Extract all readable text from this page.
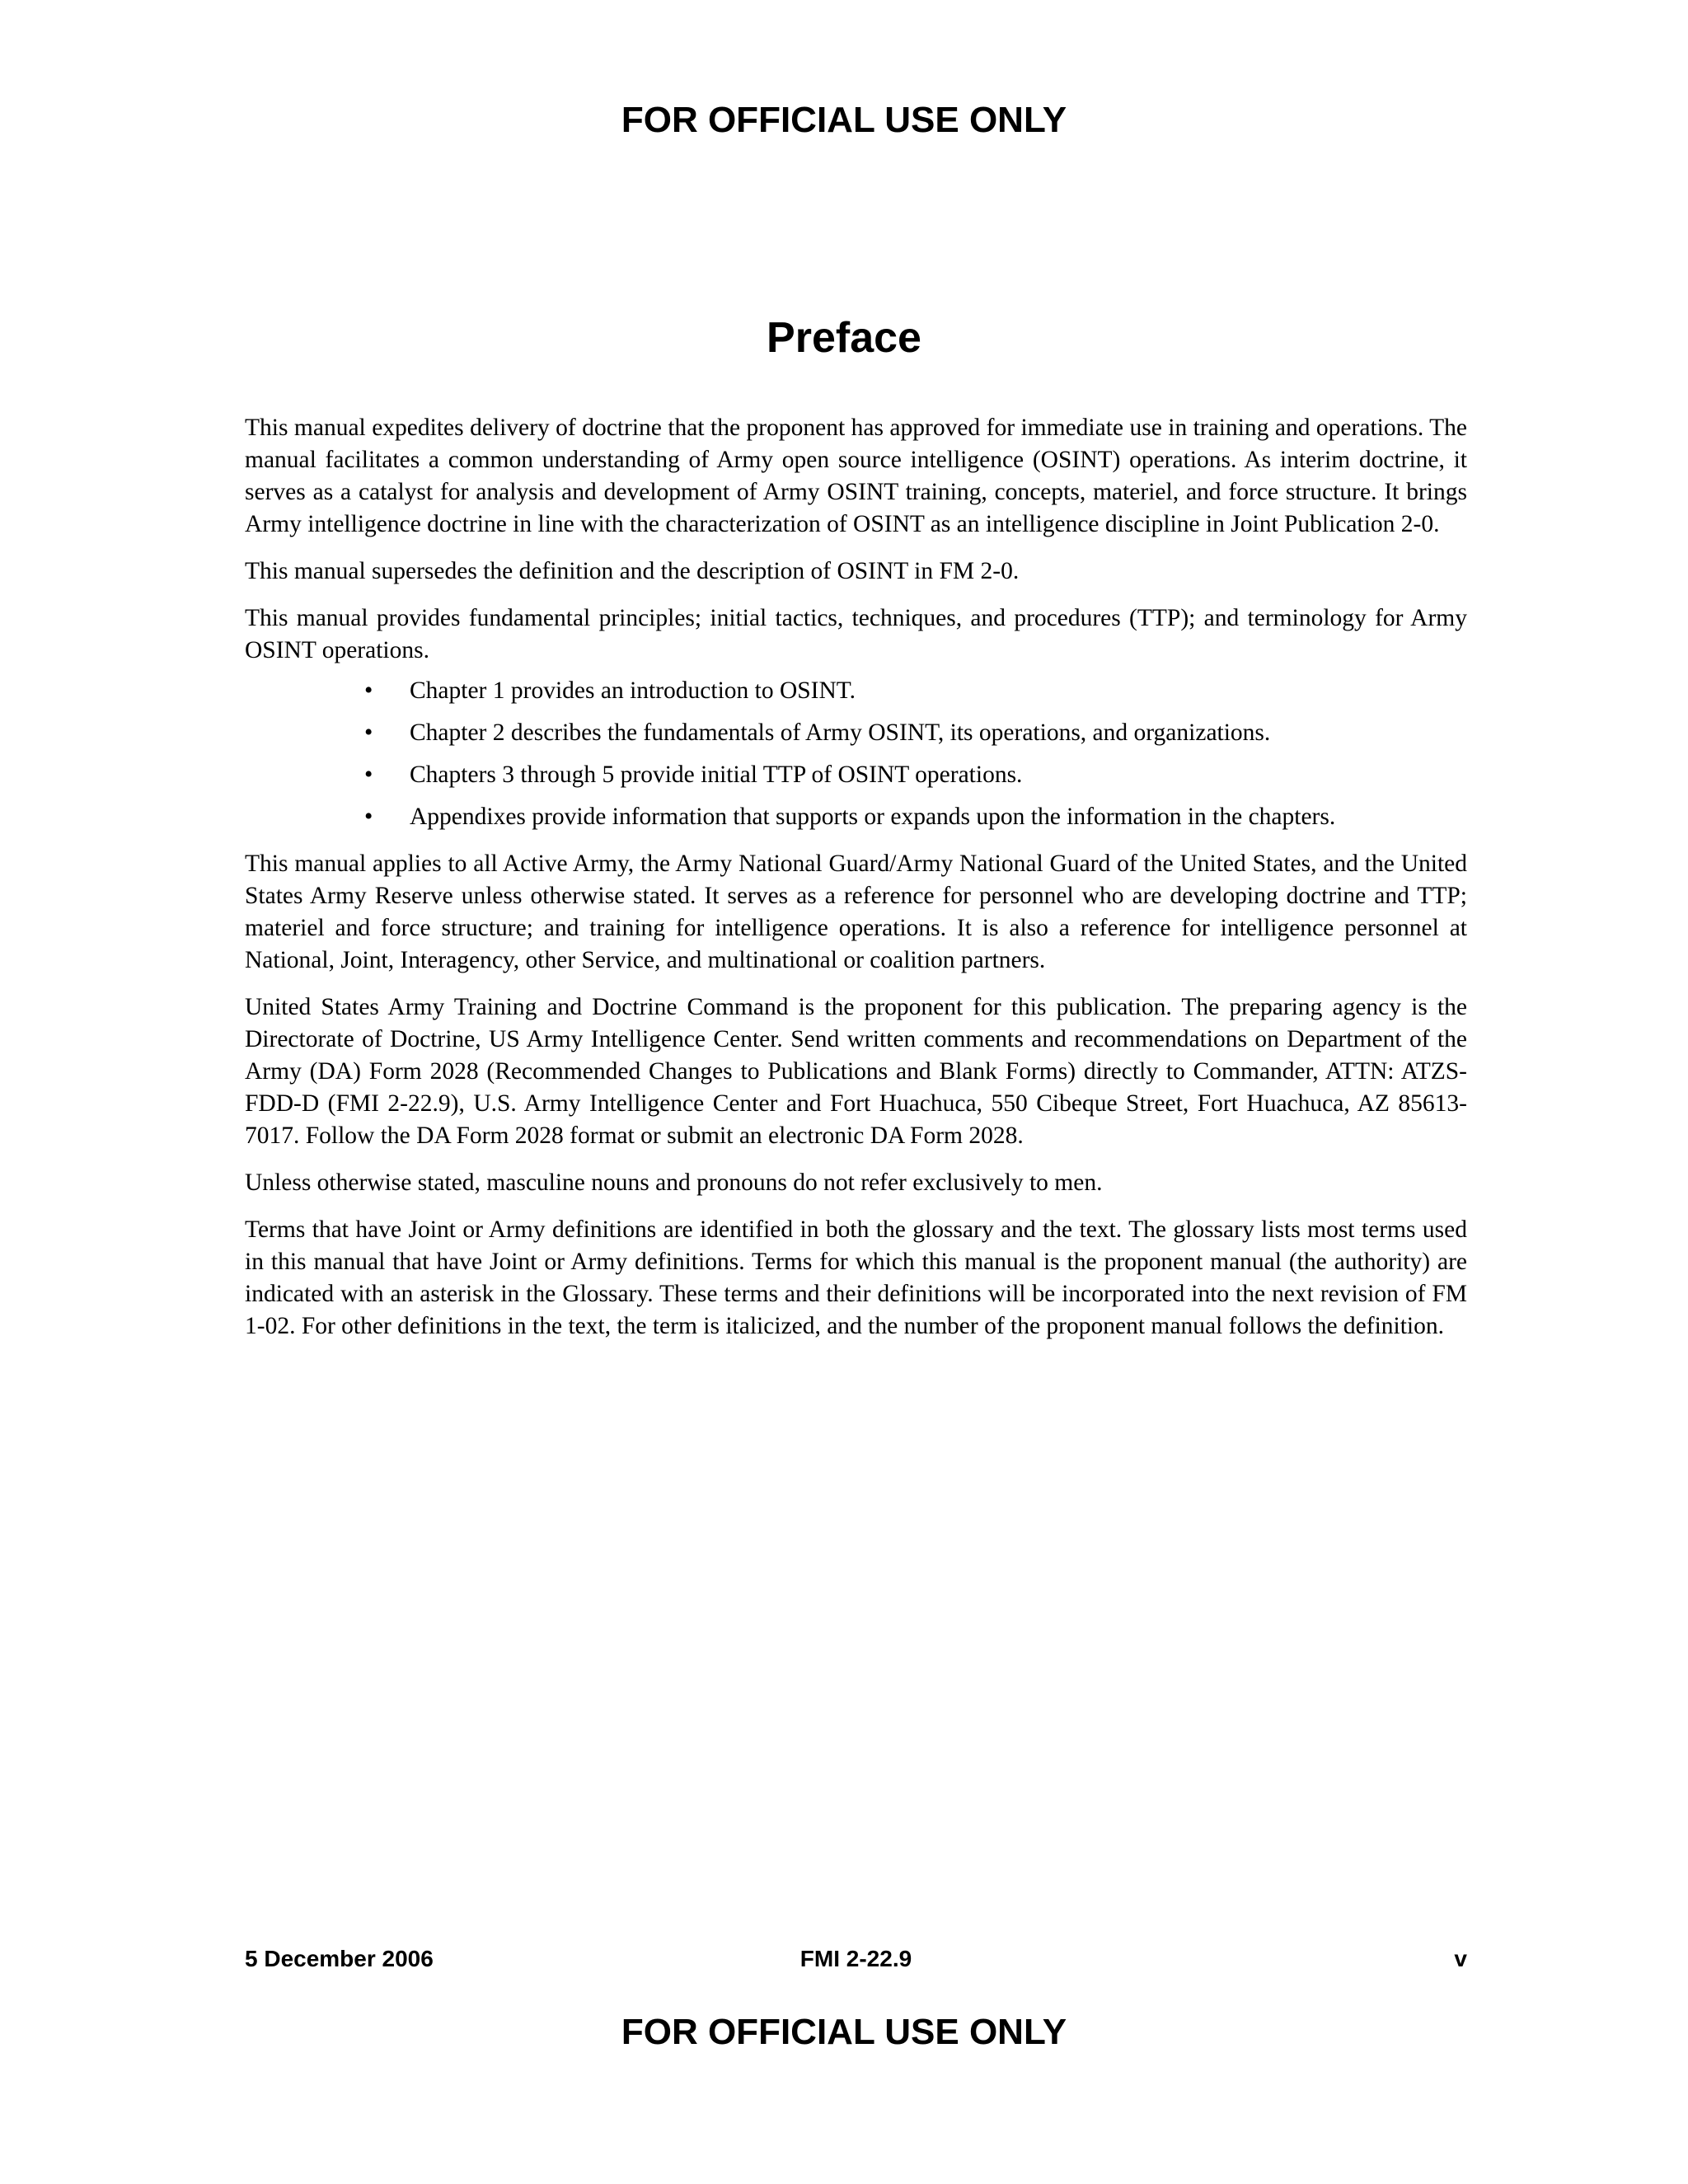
FOR OFFICIAL USE ONLY
Preface

This manual expedites delivery of doctrine that the proponent has approved for immediate use in training and operations. The manual facilitates a common understanding of Army open source intelligence (OSINT) operations. As interim doctrine, it serves as a catalyst for analysis and development of Army OSINT training, concepts, materiel, and force structure. It brings Army intelligence doctrine in line with the characterization of OSINT as an intelligence discipline in Joint Publication 2-0.

This manual supersedes the definition and the description of OSINT in FM 2-0.

This manual provides fundamental principles; initial tactics, techniques, and procedures (TTP); and terminology for Army OSINT operations.

• Chapter 1 provides an introduction to OSINT.
• Chapter 2 describes the fundamentals of Army OSINT, its operations, and organizations.
• Chapters 3 through 5 provide initial TTP of OSINT operations.
• Appendixes provide information that supports or expands upon the information in the chapters.

This manual applies to all Active Army, the Army National Guard/Army National Guard of the United States, and the United States Army Reserve unless otherwise stated. It serves as a reference for personnel who are developing doctrine and TTP; materiel and force structure; and training for intelligence operations. It is also a reference for intelligence personnel at National, Joint, Interagency, other Service, and multinational or coalition partners.

United States Army Training and Doctrine Command is the proponent for this publication. The preparing agency is the Directorate of Doctrine, US Army Intelligence Center. Send written comments and recommendations on Department of the Army (DA) Form 2028 (Recommended Changes to Publications and Blank Forms) directly to Commander, ATTN: ATZS-FDD-D (FMI 2-22.9), U.S. Army Intelligence Center and Fort Huachuca, 550 Cibeque Street, Fort Huachuca, AZ 85613-7017. Follow the DA Form 2028 format or submit an electronic DA Form 2028.

Unless otherwise stated, masculine nouns and pronouns do not refer exclusively to men.

Terms that have Joint or Army definitions are identified in both the glossary and the text. The glossary lists most terms used in this manual that have Joint or Army definitions. Terms for which this manual is the proponent manual (the authority) are indicated with an asterisk in the Glossary. These terms and their definitions will be incorporated into the next revision of FM 1-02. For other definitions in the text, the term is italicized, and the number of the proponent manual follows the definition.

5 December 2006	FMI 2-22.9	v
FOR OFFICIAL USE ONLY
